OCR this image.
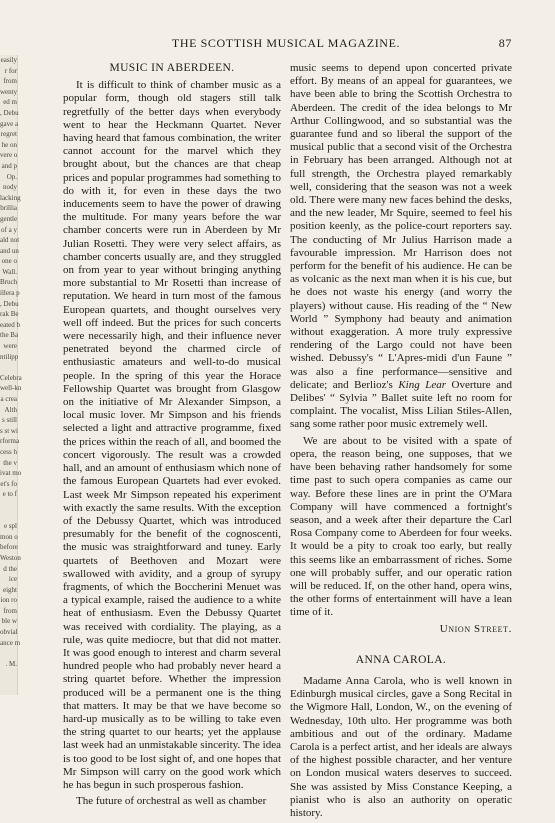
easily
r for
from
wenty
ed m
, Debu
gave a
regret
he on
vere o
and p
Op.
nody
lacking
brillia
gentle
of a y
ald not
and un
one o
Wall.
Bruch
illera p
, Debu
rak Be
eated b
the Ba
were
ntilipp
Celebra
well-kn
a crea
Alth
s still
s st wi
rforma
cess h
the v
ivat mo
et's fo
e to f
e spl
mon o
before
Weston
d the
ice
eight
ion ro
from
ble w
obvial
ance m
. M.
THE SCOTTISH MUSICAL MAGAZINE.	87
MUSIC IN ABERDEEN.

It is difficult to think of chamber music as a popular form, though old stagers still talk regretfully of the better days when everybody went to hear the Heckmann Quartet. Never having heard that famous combination, the writer cannot account for the marvel which they brought about, but the chances are that cheap prices and popular programmes had something to do with it, for even in these days the two inducements seem to have the power of drawing the multitude. For many years before the war chamber concerts were run in Aberdeen by Mr Julian Rosetti. They were very select affairs, as chamber concerts usually are, and they struggled on from year to year without bringing anything more substantial to Mr Rosetti than increase of reputation. We heard in turn most of the famous European quartets, and thought ourselves very well off indeed. But the prices for such concerts were necessarily high, and their influence never penetrated beyond the charmed circle of enthusiastic amateurs and well-to-do musical people. In the spring of this year the Horace Fellowship Quartet was brought from Glasgow on the initiative of Mr Alexander Simpson, a local music lover. Mr Simpson and his friends selected a light and attractive programme, fixed the prices within the reach of all, and boomed the concert vigorously. The result was a crowded hall, and an amount of enthusiasm which none of the famous European Quartets had ever evoked. Last week Mr Simpson repeated his experiment with exactly the same results. With the exception of the Debussy Quartet, which was introduced presumably for the benefit of the cognoscenti, the music was straightforward and tuney. Early quartets of Beethoven and Mozart were swallowed with avidity, and a group of syrupy fragments, of which the Boccherini Menuet was a typical example, raised the audience to a white heat of enthusiasm. Even the Debussy Quartet was received with cordiality. The playing, as a rule, was quite mediocre, but that did not matter. It was good enough to interest and charm several hundred people who had probably never heard a string quartet before. Whether the impression produced will be a permanent one is the thing that matters. It may be that we have become so hard-up musically as to be willing to take even the string quartet to our hearts; yet the applause last week had an unmistakable sincerity. The idea is too good to be lost sight of, and one hopes that Mr Simpson will carry on the good work which he has begun in such prosperous fashion.

The future of orchestral as well as chamber

music seems to depend upon concerted private effort. By means of an appeal for guarantees, we have been able to bring the Scottish Orchestra to Aberdeen. The credit of the idea belongs to Mr Arthur Collingwood, and so substantial was the guarantee fund and so liberal the support of the musical public that a second visit of the Orchestra in February has been arranged. Although not at full strength, the Orchestra played remarkably well, considering that the season was not a week old. There were many new faces behind the desks, and the new leader, Mr Squire, seemed to feel his position keenly, as the police-court reporters say. The conducting of Mr Julius Harrison made a favourable impression. Mr Harrison does not perform for the benefit of his audience. He can be as volcanic as the next man when it is his cue, but he does not waste his energy (and worry the players) without cause. His reading of the “ New World ” Symphony had beauty and animation without exaggeration. A more truly expressive rendering of the Largo could not have been wished. Debussy's “ L'Apres-midi d'un Faune ” was also a fine performance—sensitive and delicate; and Berlioz's King Lear Overture and Delibes' “ Sylvia ” Ballet suite left no room for complaint. The vocalist, Miss Lilian Stiles-Allen, sang some rather poor music extremely well.

We are about to be visited with a spate of opera, the reason being, one supposes, that we have been behaving rather handsomely for some time past to such opera companies as came our way. Before these lines are in print the O'Mara Company will have commenced a fortnight's season, and a week after their departure the Carl Rosa Company come to Aberdeen for four weeks. It would be a pity to croak too early, but really this seems like an embarrassment of riches. Some one will probably suffer, and our operatic ration will be reduced. If, on the other hand, opera wins, the other forms of entertainment will have a lean time of it.

Union Street.

ANNA CAROLA.

Madame Anna Carola, who is well known in Edinburgh musical circles, gave a Song Recital in the Wigmore Hall, London, W., on the evening of Wednesday, 10th ulto. Her programme was both ambitious and out of the ordinary. Madame Carola is a perfect artist, and her ideals are always of the highest possible character, and her venture on London musical waters deserves to succeed. She was assisted by Miss Constance Keeping, a pianist who is also an authority on operatic history.
